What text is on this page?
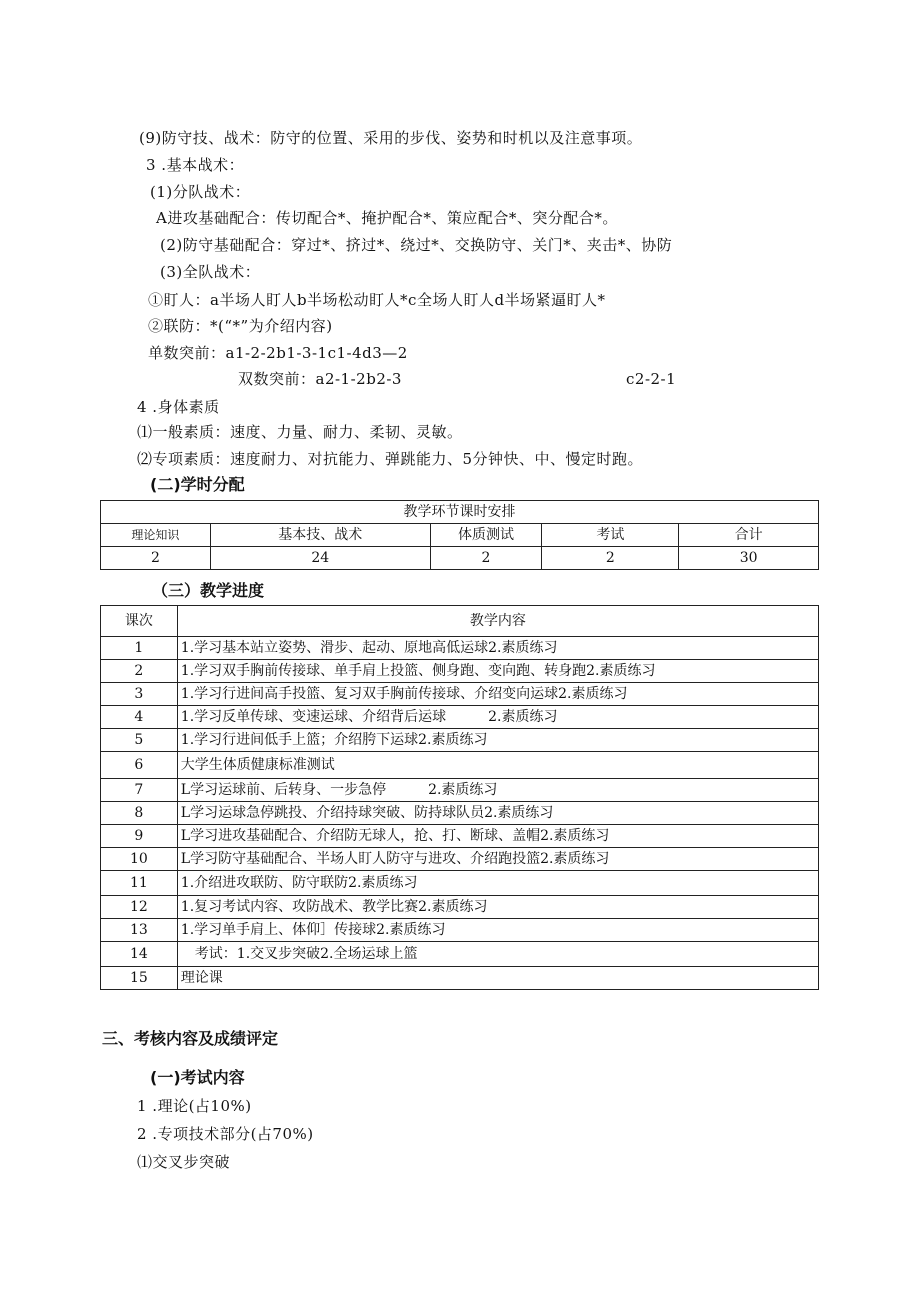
(9)防守技、战术：防守的位置、采用的步伐、姿势和时机以及注意事项。
3 .基本战术：
(1)分队战术：
A进攻基础配合：传切配合*、掩护配合*、策应配合*、突分配合*。
(2)防守基础配合：穿过*、挤过*、绕过*、交换防守、关门*、夹击*、协防
(3)全队战术：
①盯人：a半场人盯人b半场松动盯人*c全场人盯人d半场紧逼盯人*
②联防：*(“*”为介绍内容)
单数突前：a1-2-2b1-3-1c1-4d3—2
双数突前：a2-1-2b2-3	c2-2-1
4 .身体素质
⑴一般素质：速度、力量、耐力、柔韧、灵敏。
⑵专项素质：速度耐力、对抗能力、弹跳能力、5分钟快、中、慢定时跑。
(二)学时分配
教学环节课时安排				
理论知识	基本技、战术	体质测试	考试	合计
2	24	2	2	30
（三）教学进度
课次	教学内容
1	1.学习基本站立姿势、滑步、起动、原地高低运球2.素质练习
2	1.学习双手胸前传接球、单手肩上投篮、侧身跑、变向跑、转身跑2.素质练习
3	1.学习行进间高手投篮、复习双手胸前传接球、介绍变向运球2.素质练习
4	1.学习反单传球、变速运球、介绍背后运球　　　2.素质练习
5	1.学习行进间低手上篮；介绍胯下运球2.素质练习
6	大学生体质健康标准测试
7	L学习运球前、后转身、一步急停　　　2.素质练习
8	L学习运球急停跳投、介绍持球突破、防持球队员2.素质练习
9	L学习进攻基础配合、介绍防无球人，抢、打、断球、盖帽2.素质练习
10	L学习防守基础配合、半场人盯人防守与进攻、介绍跑投篮2.素质练习
11	1.介绍进攻联防、防守联防2.素质练习
12	1.复习考试内容、攻防战术、教学比赛2.素质练习
13	1.学习单手肩上、体仰］传接球2.素质练习
14	　考试：1.交叉步突破2.全场运球上篮
15	理论课
三、考核内容及成绩评定
(一)考试内容
1 .理论(占10%)
2 .专项技术部分(占70%)
⑴交叉步突破
